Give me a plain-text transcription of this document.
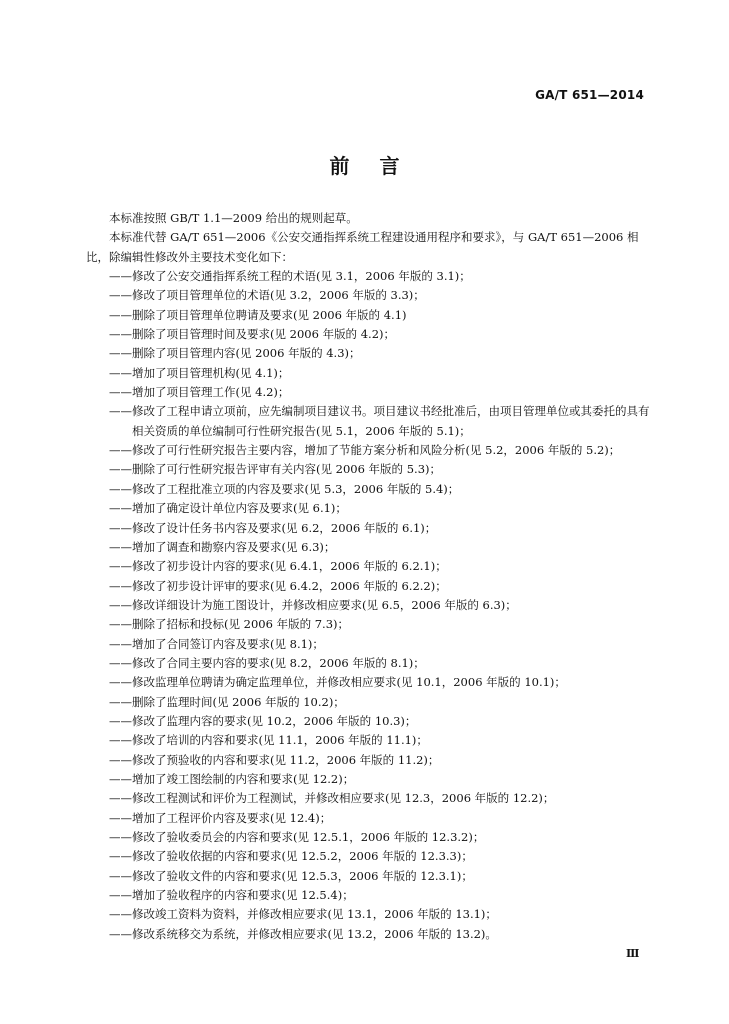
GA/T 651—2014
前言

本标准按照 GB/T 1.1—2009 给出的规则起草。

本标准代替 GA/T 651—2006《公安交通指挥系统工程建设通用程序和要求》，与 GA/T 651—2006 相比，除编辑性修改外主要技术变化如下：

—— 修改了公安交通指挥系统工程的术语(见 3.1，2006 年版的 3.1)；
—— 修改了项目管理单位的术语(见 3.2，2006 年版的 3.3)；
—— 删除了项目管理单位聘请及要求(见 2006 年版的 4.1)
—— 删除了项目管理时间及要求(见 2006 年版的 4.2)；
—— 删除了项目管理内容(见 2006 年版的 4.3)；
—— 增加了项目管理机构(见 4.1)；
—— 增加了项目管理工作(见 4.2)；
—— 修改了工程申请立项前，应先编制项目建议书。项目建议书经批准后，由项目管理单位或其委托的具有相关资质的单位编制可行性研究报告(见 5.1，2006 年版的 5.1)；
—— 修改了可行性研究报告主要内容，增加了节能方案分析和风险分析(见 5.2，2006 年版的 5.2)；
—— 删除了可行性研究报告评审有关内容(见 2006 年版的 5.3)；
—— 修改了工程批准立项的内容及要求(见 5.3，2006 年版的 5.4)；
—— 增加了确定设计单位内容及要求(见 6.1)；
—— 修改了设计任务书内容及要求(见 6.2，2006 年版的 6.1)；
—— 增加了调查和勘察内容及要求(见 6.3)；
—— 修改了初步设计内容的要求(见 6.4.1，2006 年版的 6.2.1)；
—— 修改了初步设计评审的要求(见 6.4.2，2006 年版的 6.2.2)；
—— 修改详细设计为施工图设计，并修改相应要求(见 6.5，2006 年版的 6.3)；
—— 删除了招标和投标(见 2006 年版的 7.3)；
—— 增加了合同签订内容及要求(见 8.1)；
—— 修改了合同主要内容的要求(见 8.2，2006 年版的 8.1)；
—— 修改监理单位聘请为确定监理单位，并修改相应要求(见 10.1，2006 年版的 10.1)；
—— 删除了监理时间(见 2006 年版的 10.2)；
—— 修改了监理内容的要求(见 10.2，2006 年版的 10.3)；
—— 修改了培训的内容和要求(见 11.1，2006 年版的 11.1)；
—— 修改了预验收的内容和要求(见 11.2，2006 年版的 11.2)；
—— 增加了竣工图绘制的内容和要求(见 12.2)；
—— 修改工程测试和评价为工程测试，并修改相应要求(见 12.3，2006 年版的 12.2)；
—— 增加了工程评价内容及要求(见 12.4)；
—— 修改了验收委员会的内容和要求(见 12.5.1，2006 年版的 12.3.2)；
—— 修改了验收依据的内容和要求(见 12.5.2，2006 年版的 12.3.3)；
—— 修改了验收文件的内容和要求(见 12.5.3，2006 年版的 12.3.1)；
—— 增加了验收程序的内容和要求(见 12.5.4)；
—— 修改竣工资料为资料，并修改相应要求(见 13.1，2006 年版的 13.1)；
—— 修改系统移交为系统，并修改相应要求(见 13.2，2006 年版的 13.2)。
Ⅲ
